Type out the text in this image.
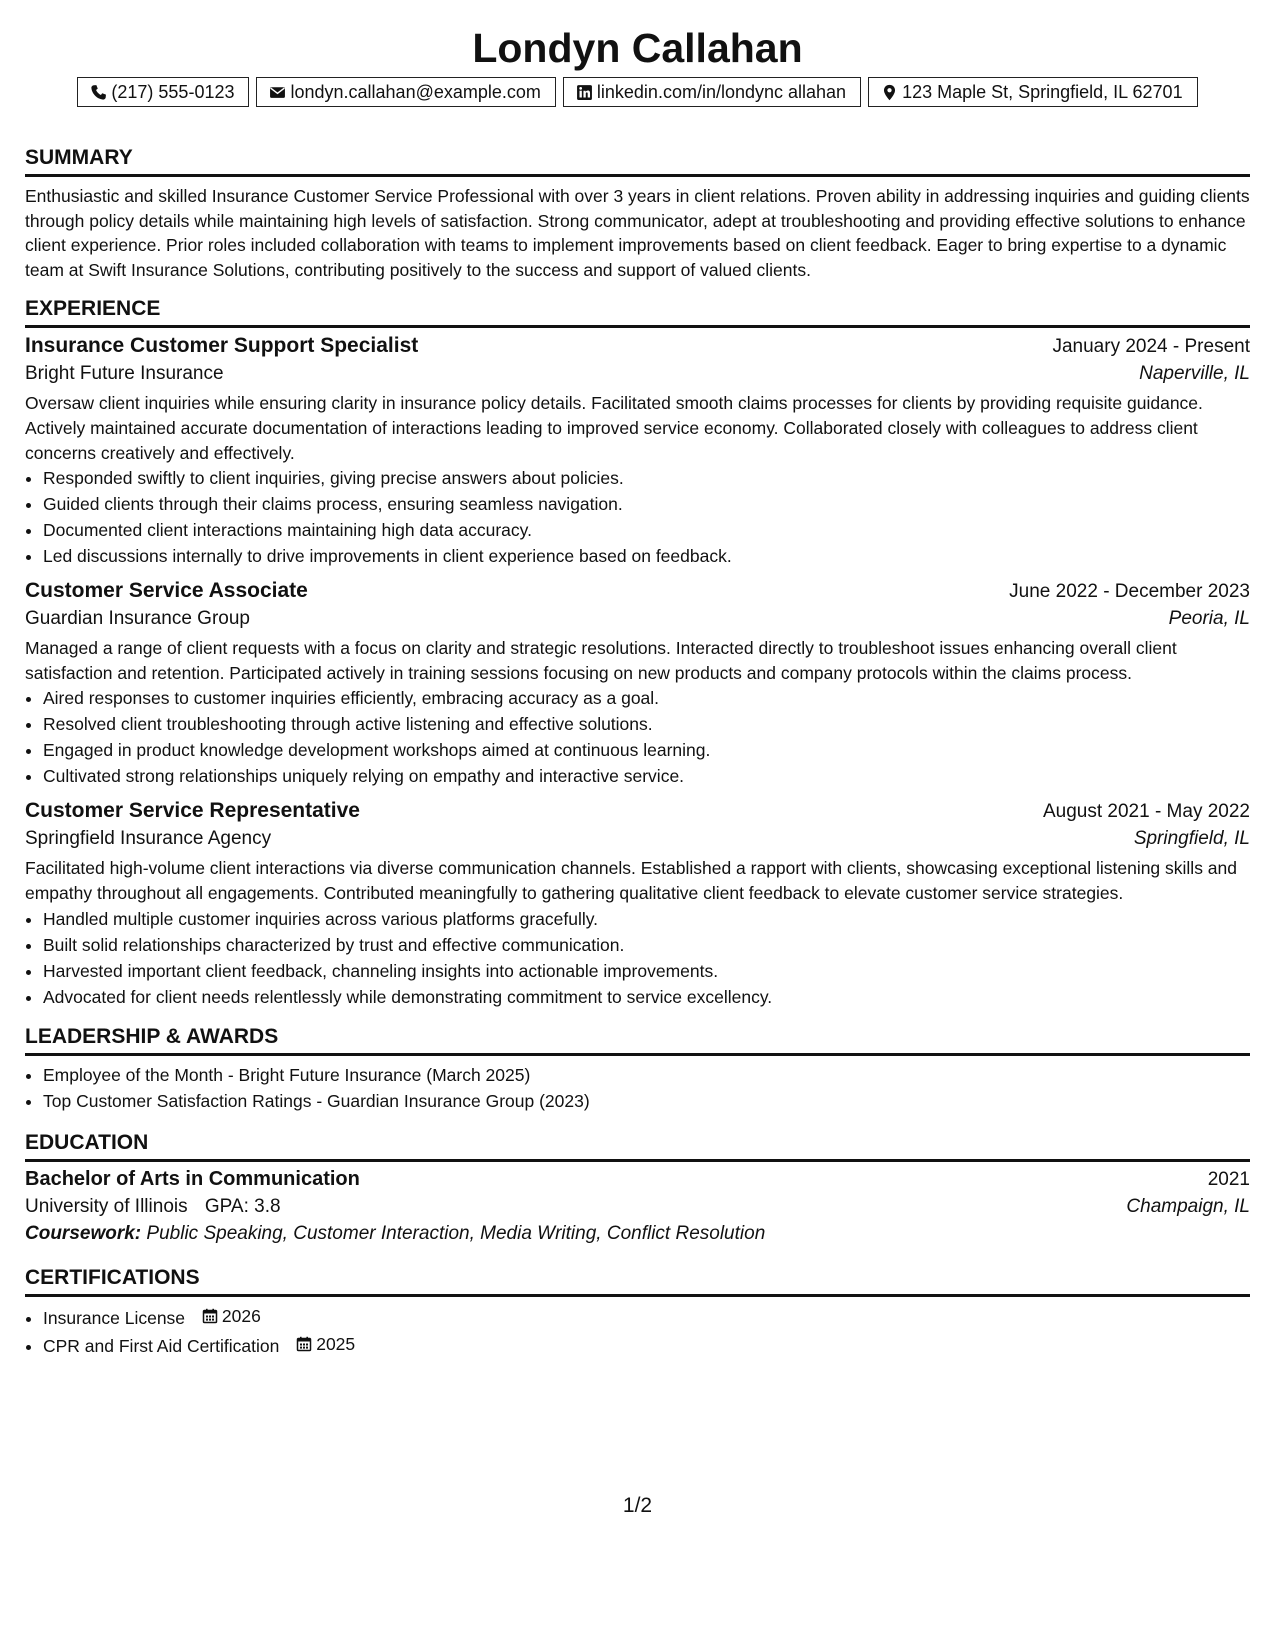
Londyn Callahan
(217) 555-0123	londyn.callahan@example.com	linkedin.com/in/londync allahan	123 Maple St, Springfield, IL 62701
SUMMARY

Enthusiastic and skilled Insurance Customer Service Professional with over 3 years in client relations. Proven ability in addressing inquiries and guiding clients through policy details while maintaining high levels of satisfaction. Strong communicator, adept at troubleshooting and providing effective solutions to enhance client experience. Prior roles included collaboration with teams to implement improvements based on client feedback. Eager to bring expertise to a dynamic team at Swift Insurance Solutions, contributing positively to the success and support of valued clients.

EXPERIENCE
Insurance Customer Support Specialist	January 2024 - Present
Bright Future Insurance	Naperville, IL

Oversaw client inquiries while ensuring clarity in insurance policy details. Facilitated smooth claims processes for clients by providing requisite guidance. Actively maintained accurate documentation of interactions leading to improved service economy. Collaborated closely with colleagues to address client concerns creatively and effectively.

• Responded swiftly to client inquiries, giving precise answers about policies.
• Guided clients through their claims process, ensuring seamless navigation.
• Documented client interactions maintaining high data accuracy.
• Led discussions internally to drive improvements in client experience based on feedback.
Customer Service Associate	June 2022 - December 2023
Guardian Insurance Group	Peoria, IL

Managed a range of client requests with a focus on clarity and strategic resolutions. Interacted directly to troubleshoot issues enhancing overall client satisfaction and retention. Participated actively in training sessions focusing on new products and company protocols within the claims process.

• Aired responses to customer inquiries efficiently, embracing accuracy as a goal.
• Resolved client troubleshooting through active listening and effective solutions.
• Engaged in product knowledge development workshops aimed at continuous learning.
• Cultivated strong relationships uniquely relying on empathy and interactive service.
Customer Service Representative	August 2021 - May 2022
Springfield Insurance Agency	Springfield, IL

Facilitated high-volume client interactions via diverse communication channels. Established a rapport with clients, showcasing exceptional listening skills and empathy throughout all engagements. Contributed meaningfully to gathering qualitative client feedback to elevate customer service strategies.

• Handled multiple customer inquiries across various platforms gracefully.
• Built solid relationships characterized by trust and effective communication.
• Harvested important client feedback, channeling insights into actionable improvements.
• Advocated for client needs relentlessly while demonstrating commitment to service excellency.
LEADERSHIP & AWARDS
• Employee of the Month - Bright Future Insurance (March 2025)
• Top Customer Satisfaction Ratings - Guardian Insurance Group (2023)
EDUCATION
Bachelor of Arts in Communication	2021
University of Illinois GPA: 3.8	Champaign, IL
Coursework: Public Speaking, Customer Interaction, Media Writing, Conflict Resolution
CERTIFICATIONS
• Insurance License 2026
• CPR and First Aid Certification 2025
1/2
